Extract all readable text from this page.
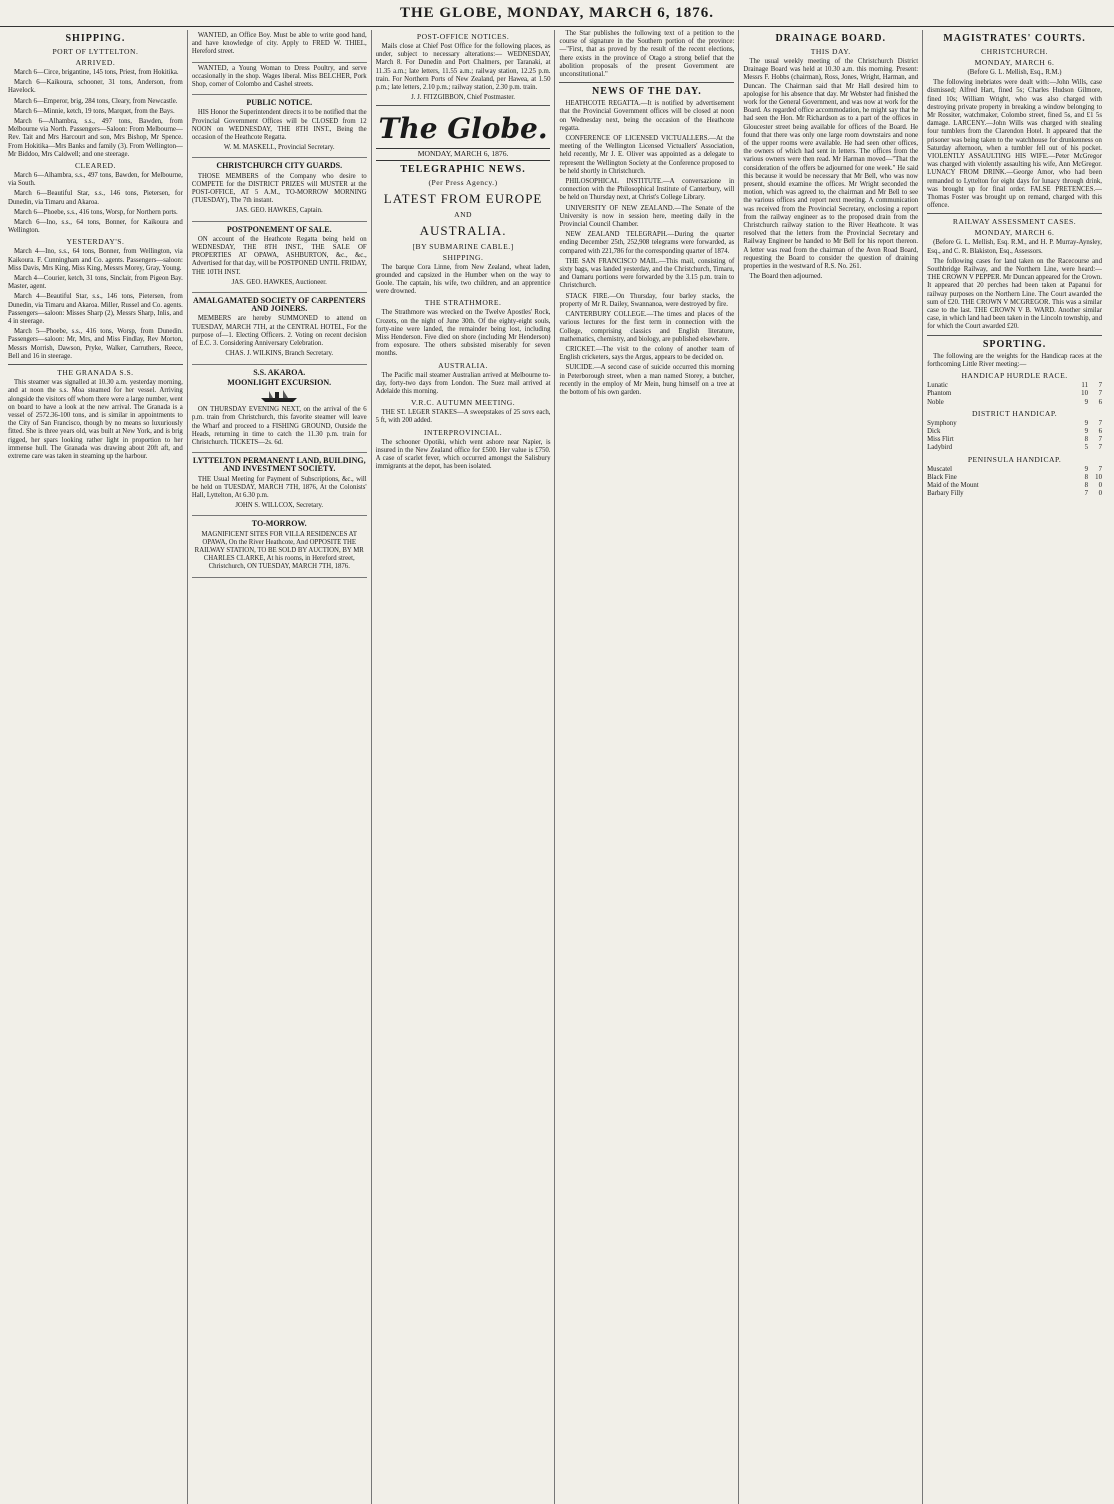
THE GLOBE, MONDAY, MARCH 6, 1876.
SHIPPING.
PORT OF LYTTELTON.
ARRIVED.

March 6—Circe, brigantine, 145 tons, Priest, from Hokitika.

March 6—Kaikoura, schooner, 31 tons, Anderson, from Havelock.

March 6—Emperor, brig, 284 tons, Cleary, from Newcastle.

March 6—Minnie, ketch, 19 tons, Marquet, from the Bays.

March 6—Alhambra, s.s., 497 tons, Bawden, from Melbourne via North. Passengers—Saloon: From Melbourne—Rev. Tait and Mrs Harcourt and son, Mrs Bishop, Mr Spence. From Hokitika—Mrs Banks and family (3). From Wellington—Mr Biddoo, Mrs Caldwell; and one steerage.

CLEARED.

March 6—Alhambra, s.s., 497 tons, Bawden, for Melbourne, via South.

March 6—Beautiful Star, s.s., 146 tons, Pietersen, for Dunedin, via Timaru and Akaroa.

March 6—Phoebe, s.s., 416 tons, Worsp, for Northern ports.

March 6—Ino, s.s., 64 tons, Bonner, for Kaikoura and Wellington.

YESTERDAY'S.

March 4—Ino, s.s., 64 tons, Bonner, from Wellington, via Kaikoura. F. Cunningham and Co. agents. Passengers—saloon: Miss Davis, Mrs King, Miss King, Messrs Morey, Gray, Young.

March 4—Courier, ketch, 31 tons, Sinclair, from Pigeon Bay. Master, agent.

March 4—Beautiful Star, s.s., 146 tons, Pietersen, from Dunedin, via Timaru and Akaroa. Miller, Russel and Co. agents. Passengers—saloon: Misses Sharp (2), Messrs Sharp, Inlis, and 4 in steerage.

March 5—Phoebe, s.s., 416 tons, Worsp, from Dunedin. Passengers—saloon: Mr, Mrs, and Miss Findlay, Rev Morton, Messrs Morrish, Dawson, Pryke, Walker, Carruthers, Reece, Bell and 16 in steerage.

THE GRANADA S.S.

This steamer was signalled at 10.30 a.m. yesterday morning, and at noon the s.s. Moa steamed for her vessel. Arriving alongside the visitors off whom there were a large number, went on board to have a look at the new arrival. The Granada is a vessel of 2572.36-100 tons, and is similar in appointments to the City of San Francisco, though by no means so luxuriously fitted. She is three years old, was built at New York, and is brig rigged, her spars looking rather light in proportion to her immense hull. The Granada was drawing about 20ft aft, and extreme care was taken in steaming up the harbour.

WANTED, an Office Boy. Must be able to write good hand, and have knowledge of city. Apply to FRED W. THIEL, Hereford street.

WANTED, a Young Woman to Dress Poultry, and serve occasionally in the shop. Wages liberal. Miss BELCHER, Pork Shop, corner of Colombo and Cashel streets.

PUBLIC NOTICE.

HIS Honor the Superintendent directs it to be notified that the Provincial Government Offices will be CLOSED from 12 NOON on WEDNESDAY, THE 8TH INST., Being the occasion of the Heathcote Regatta.

W. M. MASKELL, Provincial Secretary.

CHRISTCHURCH CITY GUARDS.

THOSE MEMBERS of the Company who desire to COMPETE for the DISTRICT PRIZES will MUSTER at the POST-OFFICE, AT 5 A.M., TO-MORROW MORNING (TUESDAY), The 7th instant.

JAS. GEO. HAWKES, Captain.

POSTPONEMENT OF SALE.

ON account of the Heathcote Regatta being held on WEDNESDAY, THE 8TH INST., THE SALE OF PROPERTIES AT OPAWA, ASHBURTON, &c., &c., Advertised for that day, will be POSTPONED UNTIL FRIDAY, THE 10TH INST.

JAS. GEO. HAWKES, Auctioneer.

AMALGAMATED SOCIETY OF CARPENTERS AND JOINERS.

MEMBERS are hereby SUMMONED to attend on TUESDAY, MARCH 7TH, at the CENTRAL HOTEL, For the purpose of—1. Electing Officers. 2. Voting on recent decision of E.C. 3. Considering Anniversary Celebration.

CHAS. J. WILKINS, Branch Secretary.

S.S. AKAROA.
MOONLIGHT EXCURSION.

ON THURSDAY EVENING NEXT, on the arrival of the 6 p.m. train from Christchurch, this favorite steamer will leave the Wharf and proceed to a FISHING GROUND, Outside the Heads, returning in time to catch the 11.30 p.m. train for Christchurch. TICKETS—2s. 6d.

LYTTELTON PERMANENT LAND, BUILDING, AND INVESTMENT SOCIETY.

THE Usual Meeting for Payment of Subscriptions, &c., will be held on TUESDAY, MARCH 7TH, 1876, At the Colonists' Hall, Lyttelton, At 6.30 p.m.

JOHN S. WILLCOX, Secretary.

TO-MORROW.

MAGNIFICENT SITES FOR VILLA RESIDENCES AT OPAWA, On the River Heathcote, And OPPOSITE THE RAILWAY STATION, TO BE SOLD BY AUCTION, BY MR CHARLES CLARKE, At his rooms, in Hereford street, Christchurch, ON TUESDAY, MARCH 7TH, 1876.

POST-OFFICE NOTICES.

Mails close at Chief Post Office for the following places, as under, subject to necessary alterations:— WEDNESDAY, March 8. For Dunedin and Port Chalmers, per Taranaki, at 11.35 a.m.; late letters, 11.55 a.m.; railway station, 12.25 p.m. train. For Northern Ports of New Zealand, per Hawea, at 1.50 p.m.; late letters, 2.10 p.m.; railway station, 2.30 p.m. train.

J. J. FITZGIBBON, Chief Postmaster.

The Globe.
MONDAY, MARCH 6, 1876.
TELEGRAPHIC NEWS.
(Per Press Agency.)
LATEST FROM EUROPE
AND
AUSTRALIA.
[BY SUBMARINE CABLE.]
SHIPPING.

The barque Cora Linne, from New Zealand, wheat laden, grounded and capsized in the Humber when on the way to Goole. The captain, his wife, two children, and an apprentice were drowned.

THE STRATHMORE.

The Strathmore was wrecked on the Twelve Apostles' Rock, Crozets, on the night of June 30th. Of the eighty-eight souls, forty-nine were landed, the remainder being lost, including Miss Henderson. Five died on shore (including Mr Henderson) from exposure. The others subsisted miserably for seven months.

AUSTRALIA.

The Pacific mail steamer Australian arrived at Melbourne to-day, forty-two days from London. The Suez mail arrived at Adelaide this morning.

V.R.C. AUTUMN MEETING.

THE ST. LEGER STAKES—A sweepstakes of 25 sovs each, 5 ft, with 200 added.

INTERPROVINCIAL.

The schooner Opotiki, which went ashore near Napier, is insured in the New Zealand office for £500. Her value is £750. A case of scarlet fever, which occurred amongst the Salisbury immigrants at the depot, has been isolated.

The Star publishes the following text of a petition to the course of signature in the Southern portion of the province:—"First, that as proved by the result of the recent elections, there exists in the province of Otago a strong belief that the abolition proposals of the present Government are unconstitutional."

NEWS OF THE DAY.

HEATHCOTE REGATTA.—It is notified by advertisement that the Provincial Government offices will be closed at noon on Wednesday next, being the occasion of the Heathcote regatta.

CONFERENCE OF LICENSED VICTUALLERS.—At the meeting of the Wellington Licensed Victuallers' Association, held recently, Mr J. E. Oliver was appointed as a delegate to represent the Wellington Society at the Conference proposed to be held shortly in Christchurch.

PHILOSOPHICAL INSTITUTE.—A conversazione in connection with the Philosophical Institute of Canterbury, will be held on Thursday next, at Christ's College Library.

UNIVERSITY OF NEW ZEALAND.—The Senate of the University is now in session here, meeting daily in the Provincial Council Chamber.

NEW ZEALAND TELEGRAPH.—During the quarter ending December 25th, 252,908 telegrams were forwarded, as compared with 221,786 for the corresponding quarter of 1874.

THE SAN FRANCISCO MAIL.—This mail, consisting of sixty bags, was landed yesterday, and the Christchurch, Timaru, and Oamaru portions were forwarded by the 3.15 p.m. train to Christchurch.

STACK FIRE.—On Thursday, four barley stacks, the property of Mr R. Dailey, Swannanoa, were destroyed by fire.

CANTERBURY COLLEGE.—The times and places of the various lectures for the first term in connection with the College, comprising classics and English literature, mathematics, chemistry, and biology, are published elsewhere.

CRICKET.—The visit to the colony of another team of English cricketers, says the Argus, appears to be decided on.

SUICIDE.—A second case of suicide occurred this morning in Peterborough street, when a man named Storey, a butcher, recently in the employ of Mr Mein, hung himself on a tree at the bottom of his own garden.

DRAINAGE BOARD.
THIS DAY.

The usual weekly meeting of the Christchurch District Drainage Board was held at 10.30 a.m. this morning. Present: Messrs F. Hobbs (chairman), Ross, Jones, Wright, Harman, and Duncan. The Chairman said that Mr Hall desired him to apologise for his absence that day. Mr Webster had finished the work for the General Government, and was now at work for the Board. As regarded office accommodation, he might say that he had seen the Hon. Mr Richardson as to a part of the offices in Gloucester street being available for offices of the Board. He found that there was only one large room downstairs and none of the upper rooms were available. He had seen other offices, the owners of which had sent in letters. The offices from the various owners were then read. Mr Harman moved—"That the consideration of the offers be adjourned for one week." He said this because it would be necessary that Mr Bell, who was now present, should examine the offices. Mr Wright seconded the motion, which was agreed to, the chairman and Mr Bell to see the various offices and report next meeting. A communication was received from the Provincial Secretary, enclosing a report from the railway engineer as to the proposed drain from the Christchurch railway station to the River Heathcote. It was resolved that the letters from the Provincial Secretary and Railway Engineer be handed to Mr Bell for his report thereon. A letter was read from the chairman of the Avon Road Board, requesting the Board to consider the question of draining properties in the westward of R.S. No. 261.

The Board then adjourned.

MAGISTRATES' COURTS.
CHRISTCHURCH.
MONDAY, MARCH 6.

(Before G. L. Mellish, Esq., R.M.)

The following inebriates were dealt with:—John Wills, case dismissed; Alfred Hart, fined 5s; Charles Hudson Gilmore, fined 10s; William Wright, who was also charged with destroying private property in breaking a window belonging to Mr Rossiter, watchmaker, Colombo street, fined 5s, and £1 5s damage. LARCENY.—John Wills was charged with stealing four tumblers from the Clarendon Hotel. It appeared that the prisoner was being taken to the watchhouse for drunkenness on Saturday afternoon, when a tumbler fell out of his pocket. VIOLENTLY ASSAULTING HIS WIFE.—Peter McGregor was charged with violently assaulting his wife, Ann McGregor. LUNACY FROM DRINK.—George Amor, who had been remanded to Lyttelton for eight days for lunacy through drink, was brought up for final order. FALSE PRETENCES.—Thomas Foster was brought up on remand, charged with this offence.

RAILWAY ASSESSMENT CASES.
MONDAY, MARCH 6.

(Before G. L. Mellish, Esq. R.M., and H. P. Murray-Aynsley, Esq., and C. R. Blakiston, Esq., Assessors.

The following cases for land taken on the Racecourse and Southbridge Railway, and the Northern Line, were heard:— THE CROWN V PEPPER. Mr Duncan appeared for the Crown. It appeared that 20 perches had been taken at Papanui for railway purposes on the Northern Line. The Court awarded the sum of £20. THE CROWN V MCGREGOR. This was a similar case to the last. THE CROWN V B. WARD. Another similar case, in which land had been taken in the Lincoln township, and for which the Court awarded £20.

SPORTING.

The following are the weights for the Handicap races at the forthcoming Little River meeting:—

HANDICAP HURDLE RACE.
Lunatic	11	7
Phantom	10	7
Noble	9	6
DISTRICT HANDICAP.
Symphony	9	7
Dick	9	6
Miss Flirt	8	7
Ladybird	5	7
PENINSULA HANDICAP.
Muscatel	9	7
Black Fine	8	10
Maid of the Mount	8	0
Barbary Filly	7	0
